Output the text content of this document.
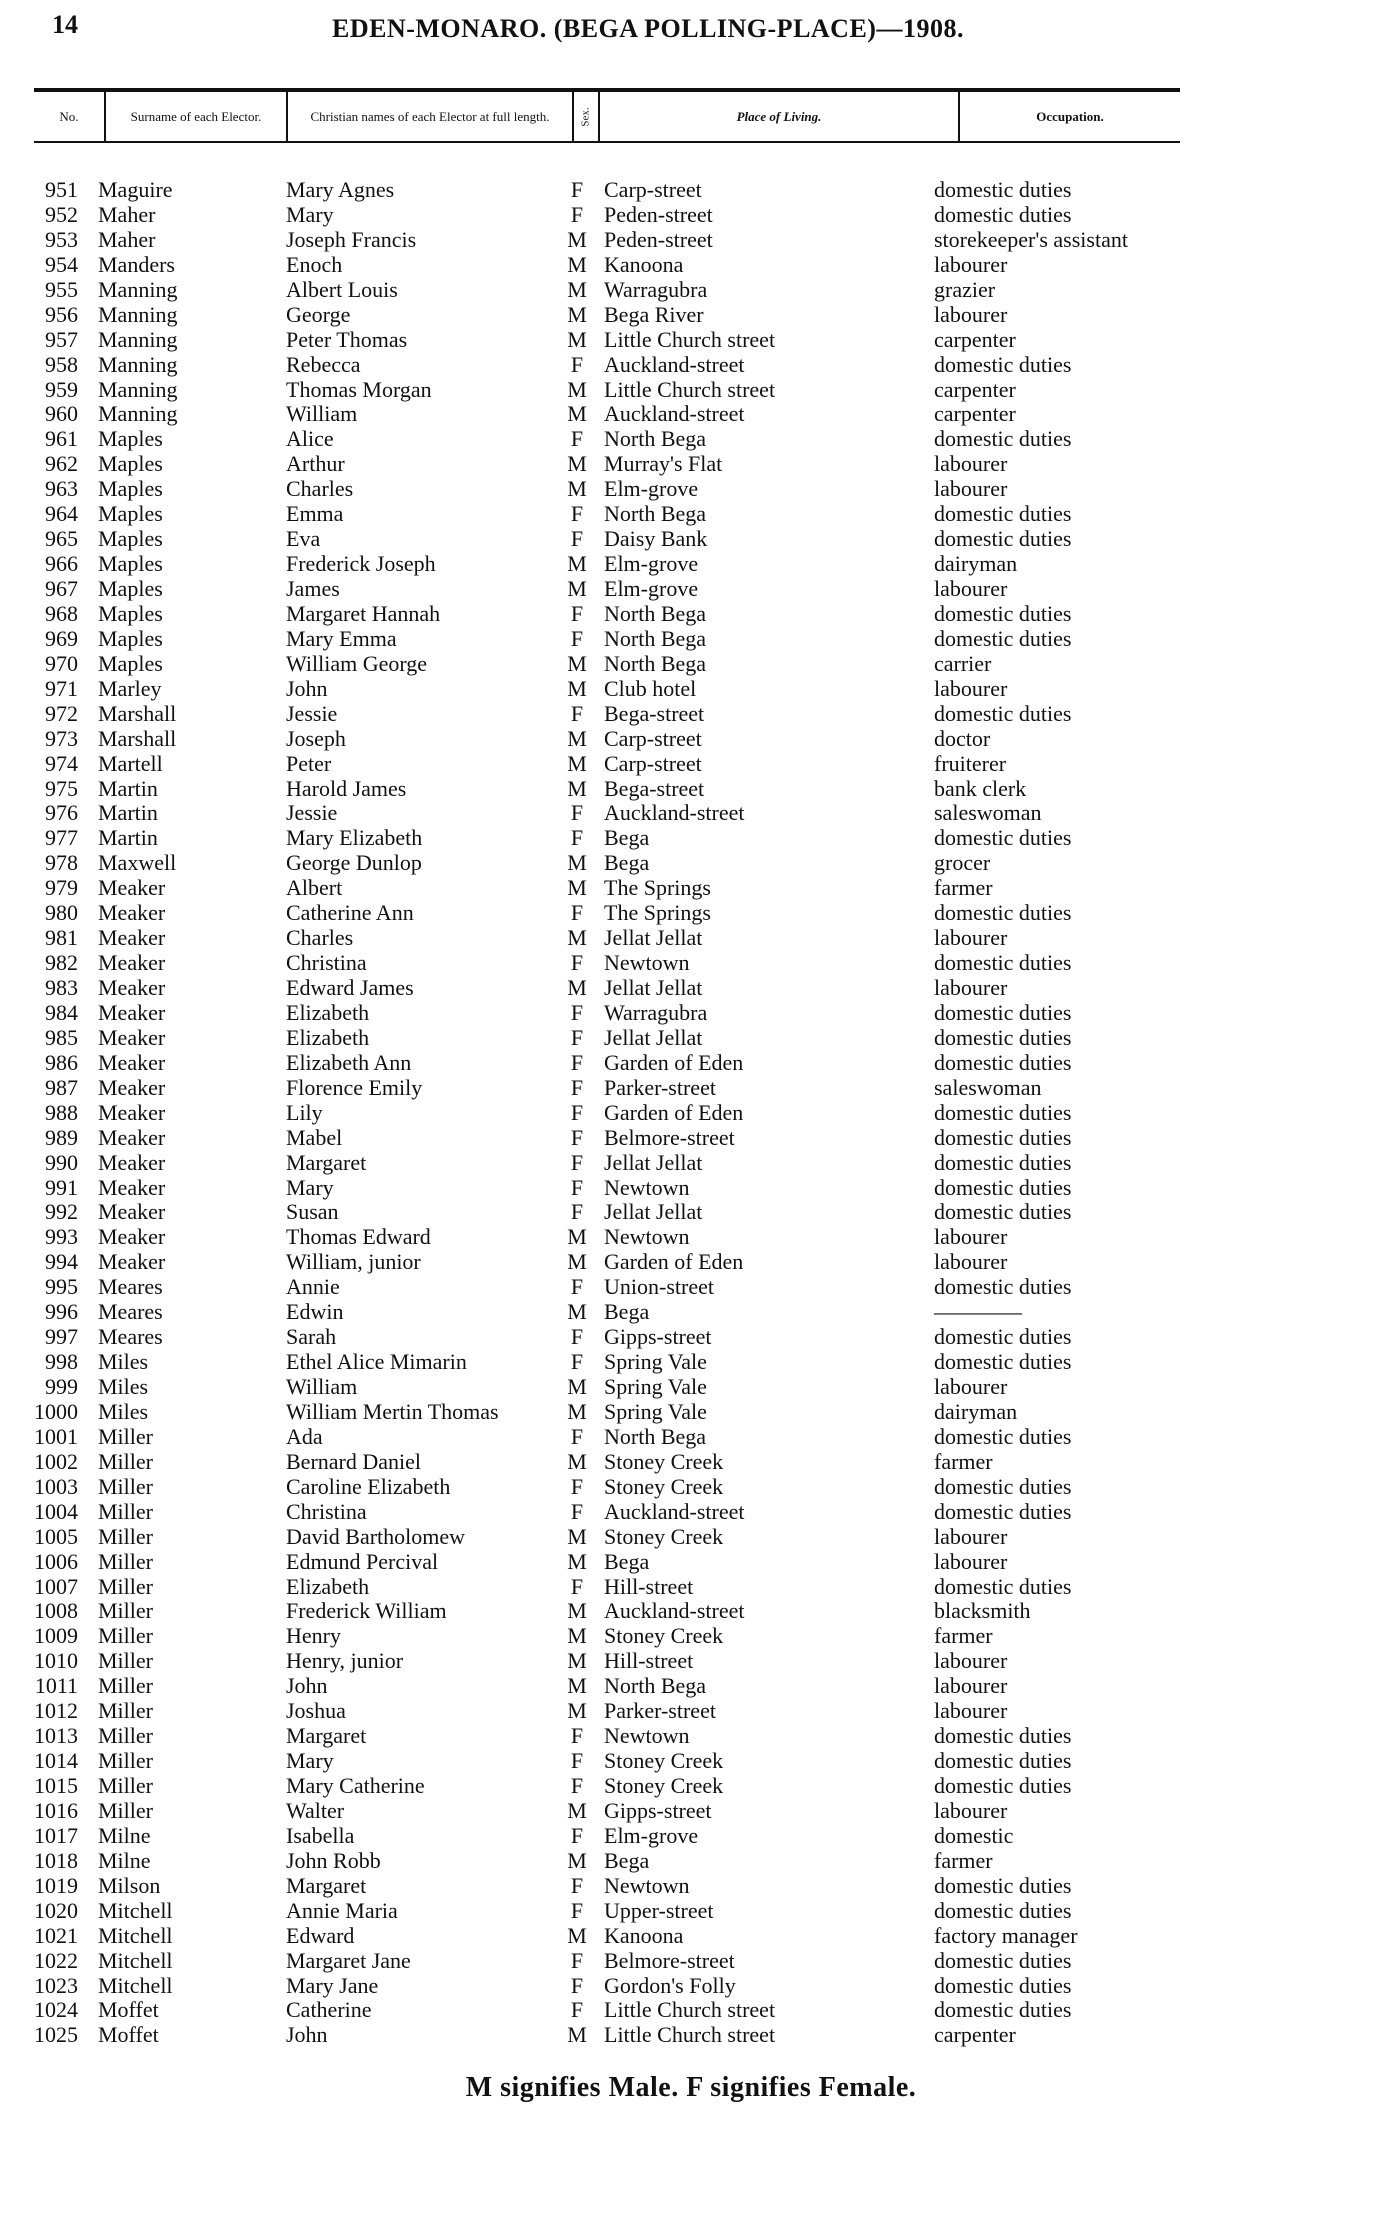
14	EDEN-MONARO. (BEGA POLLING-PLACE)—1908.
No.	Surname of each Elector.	Christian names of each Elector at full length.	Sex.	Place of Living.	Occupation.
951 Maguire	Mary Agnes	F Carp-street	domestic duties
952 Maher	Mary	F Peden-street	domestic duties
953 Maher	Joseph Francis	M Peden-street	storekeeper's assistant
954 Manders	Enoch	M Kanoona	labourer
955 Manning	Albert Louis	M Warragubra	grazier
956 Manning	George	M Bega River	labourer
957 Manning	Peter Thomas	M Little Church street	carpenter
958 Manning	Rebecca	F Auckland-street	domestic duties
959 Manning	Thomas Morgan	M Little Church street	carpenter
960 Manning	William	M Auckland-street	carpenter
961 Maples	Alice	F North Bega	domestic duties
962 Maples	Arthur	M Murray's Flat	labourer
963 Maples	Charles	M Elm-grove	labourer
964 Maples	Emma	F North Bega	domestic duties
965 Maples	Eva	F Daisy Bank	domestic duties
966 Maples	Frederick Joseph	M Elm-grove	dairyman
967 Maples	James	M Elm-grove	labourer
968 Maples	Margaret Hannah	F North Bega	domestic duties
969 Maples	Mary Emma	F North Bega	domestic duties
970 Maples	William George	M North Bega	carrier
971 Marley	John	M Club hotel	labourer
972 Marshall	Jessie	F Bega-street	domestic duties
973 Marshall	Joseph	M Carp-street	doctor
974 Martell	Peter	M Carp-street	fruiterer
975 Martin	Harold James	M Bega-street	bank clerk
976 Martin	Jessie	F Auckland-street	saleswoman
977 Martin	Mary Elizabeth	F Bega	domestic duties
978 Maxwell	George Dunlop	M Bega	grocer
979 Meaker	Albert	M The Springs	farmer
980 Meaker	Catherine Ann	F The Springs	domestic duties
981 Meaker	Charles	M Jellat Jellat	labourer
982 Meaker	Christina	F Newtown	domestic duties
983 Meaker	Edward James	M Jellat Jellat	labourer
984 Meaker	Elizabeth	F Warragubra	domestic duties
985 Meaker	Elizabeth	F Jellat Jellat	domestic duties
986 Meaker	Elizabeth Ann	F Garden of Eden	domestic duties
987 Meaker	Florence Emily	F Parker-street	saleswoman
988 Meaker	Lily	F Garden of Eden	domestic duties
989 Meaker	Mabel	F Belmore-street	domestic duties
990 Meaker	Margaret	F Jellat Jellat	domestic duties
991 Meaker	Mary	F Newtown	domestic duties
992 Meaker	Susan	F Jellat Jellat	domestic duties
993 Meaker	Thomas Edward	M Newtown	labourer
994 Meaker	William, junior	M Garden of Eden	labourer
995 Meares	Annie	F Union-street	domestic duties
996 Meares	Edwin	M Bega	————
997 Meares	Sarah	F Gipps-street	domestic duties
998 Miles	Ethel Alice Mimarin	F Spring Vale	domestic duties
999 Miles	William	M Spring Vale	labourer
1000 Miles	William Mertin Thomas	M Spring Vale	dairyman
1001 Miller	Ada	F North Bega	domestic duties
1002 Miller	Bernard Daniel	M Stoney Creek	farmer
1003 Miller	Caroline Elizabeth	F Stoney Creek	domestic duties
1004 Miller	Christina	F Auckland-street	domestic duties
1005 Miller	David Bartholomew	M Stoney Creek	labourer
1006 Miller	Edmund Percival	M Bega	labourer
1007 Miller	Elizabeth	F Hill-street	domestic duties
1008 Miller	Frederick William	M Auckland-street	blacksmith
1009 Miller	Henry	M Stoney Creek	farmer
1010 Miller	Henry, junior	M Hill-street	labourer
1011 Miller	John	M North Bega	labourer
1012 Miller	Joshua	M Parker-street	labourer
1013 Miller	Margaret	F Newtown	domestic duties
1014 Miller	Mary	F Stoney Creek	domestic duties
1015 Miller	Mary Catherine	F Stoney Creek	domestic duties
1016 Miller	Walter	M Gipps-street	labourer
1017 Milne	Isabella	F Elm-grove	domestic
1018 Milne	John Robb	M Bega	farmer
1019 Milson	Margaret	F Newtown	domestic duties
1020 Mitchell	Annie Maria	F Upper-street	domestic duties
1021 Mitchell	Edward	M Kanoona	factory manager
1022 Mitchell	Margaret Jane	F Belmore-street	domestic duties
1023 Mitchell	Mary Jane	F Gordon's Folly	domestic duties
1024 Moffet	Catherine	F Little Church street	domestic duties
1025 Moffet	John	M Little Church street	carpenter
M signifies Male. F signifies Female.
